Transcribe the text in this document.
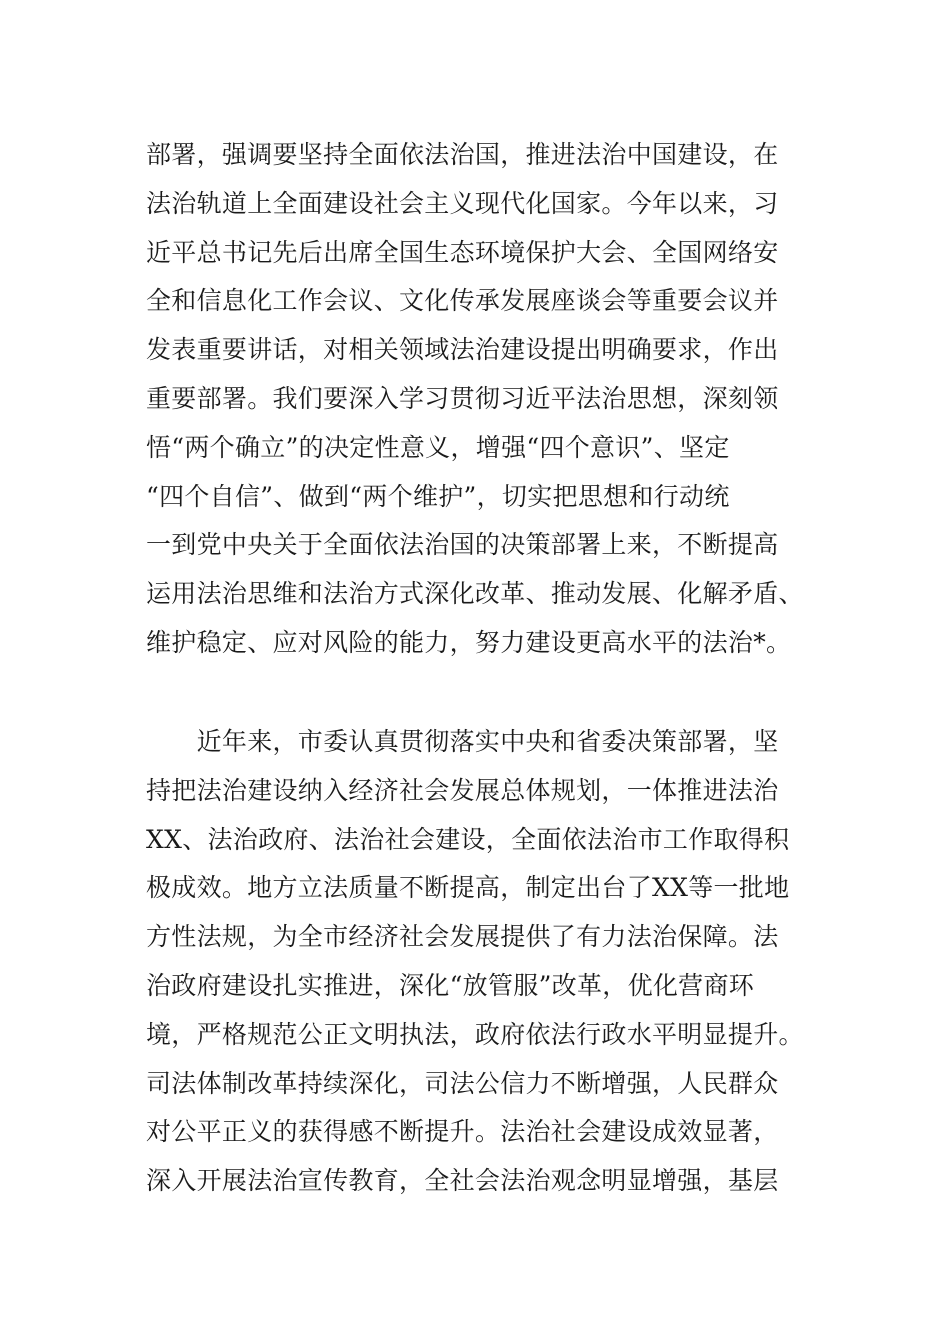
部署，强调要坚持全面依法治国，推进法治中国建设，在
法治轨道上全面建设社会主义现代化国家。今年以来，习
近平总书记先后出席全国生态环境保护大会、全国网络安
全和信息化工作会议、文化传承发展座谈会等重要会议并
发表重要讲话，对相关领域法治建设提出明确要求，作出
重要部署。我们要深入学习贯彻习近平法治思想，深刻领
悟“两个确立”的决定性意义，增强“四个意识”、坚定
“四个自信”、做到“两个维护”，切实把思想和行动统
一到党中央关于全面依法治国的决策部署上来，不断提高
运用法治思维和法治方式深化改革、推动发展、化解矛盾、
维护稳定、应对风险的能力，努力建设更高水平的法治*。
　　近年来，市委认真贯彻落实中央和省委决策部署，坚
持把法治建设纳入经济社会发展总体规划，一体推进法治
XX、法治政府、法治社会建设，全面依法治市工作取得积
极成效。地方立法质量不断提高，制定出台了XX等一批地
方性法规，为全市经济社会发展提供了有力法治保障。法
治政府建设扎实推进，深化“放管服”改革，优化营商环
境，严格规范公正文明执法，政府依法行政水平明显提升。
司法体制改革持续深化，司法公信力不断增强，人民群众
对公平正义的获得感不断提升。法治社会建设成效显著，
深入开展法治宣传教育，全社会法治观念明显增强，基层
